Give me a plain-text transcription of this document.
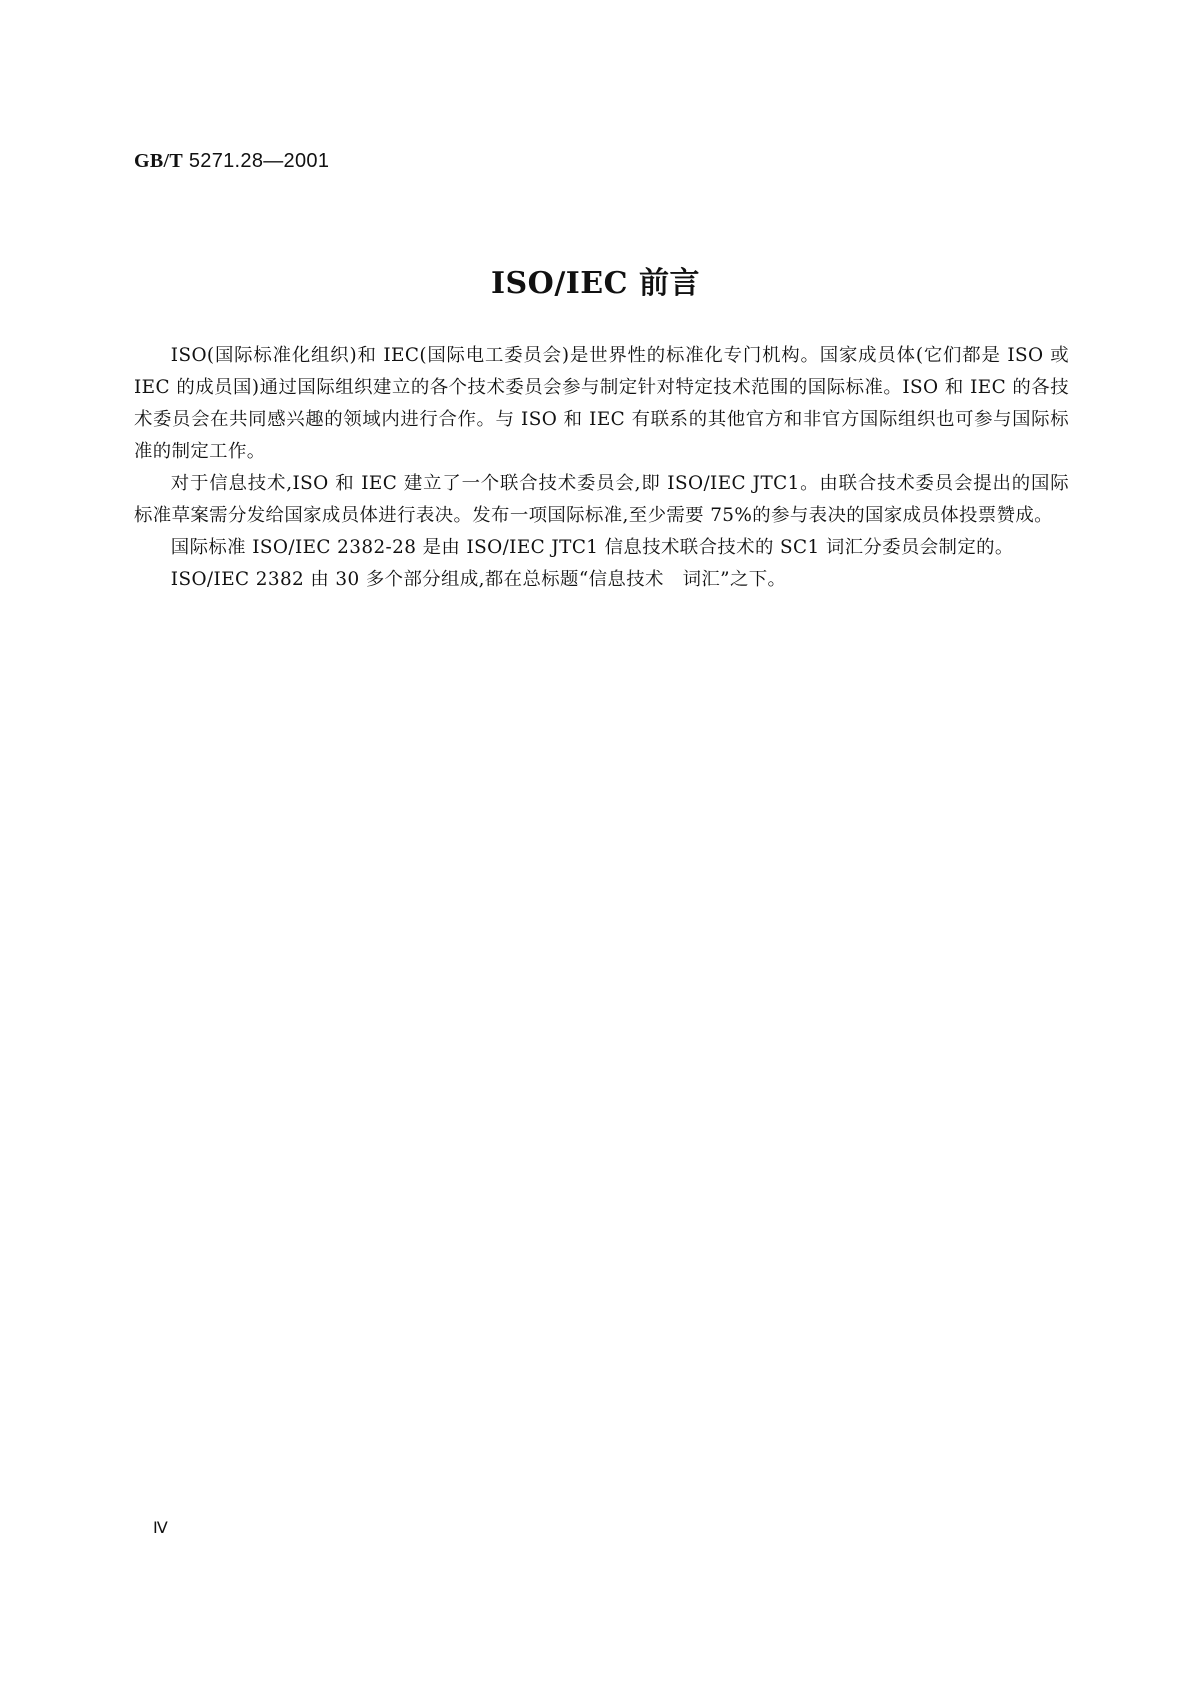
GB/T 5271.28—2001
ISO/IEC 前言

ISO(国际标准化组织)和 IEC(国际电工委员会)是世界性的标准化专门机构。国家成员体(它们都是 ISO 或 IEC 的成员国)通过国际组织建立的各个技术委员会参与制定针对特定技术范围的国际标准。ISO 和 IEC 的各技术委员会在共同感兴趣的领域内进行合作。与 ISO 和 IEC 有联系的其他官方和非官方国际组织也可参与国际标准的制定工作。

对于信息技术,ISO 和 IEC 建立了一个联合技术委员会,即 ISO/IEC JTC1。由联合技术委员会提出的国际标准草案需分发给国家成员体进行表决。发布一项国际标准,至少需要 75%的参与表决的国家成员体投票赞成。

国际标准 ISO/IEC 2382-28 是由 ISO/IEC JTC1 信息技术联合技术的 SC1 词汇分委员会制定的。

ISO/IEC 2382 由 30 多个部分组成,都在总标题“信息技术　词汇”之下。

Ⅳ
